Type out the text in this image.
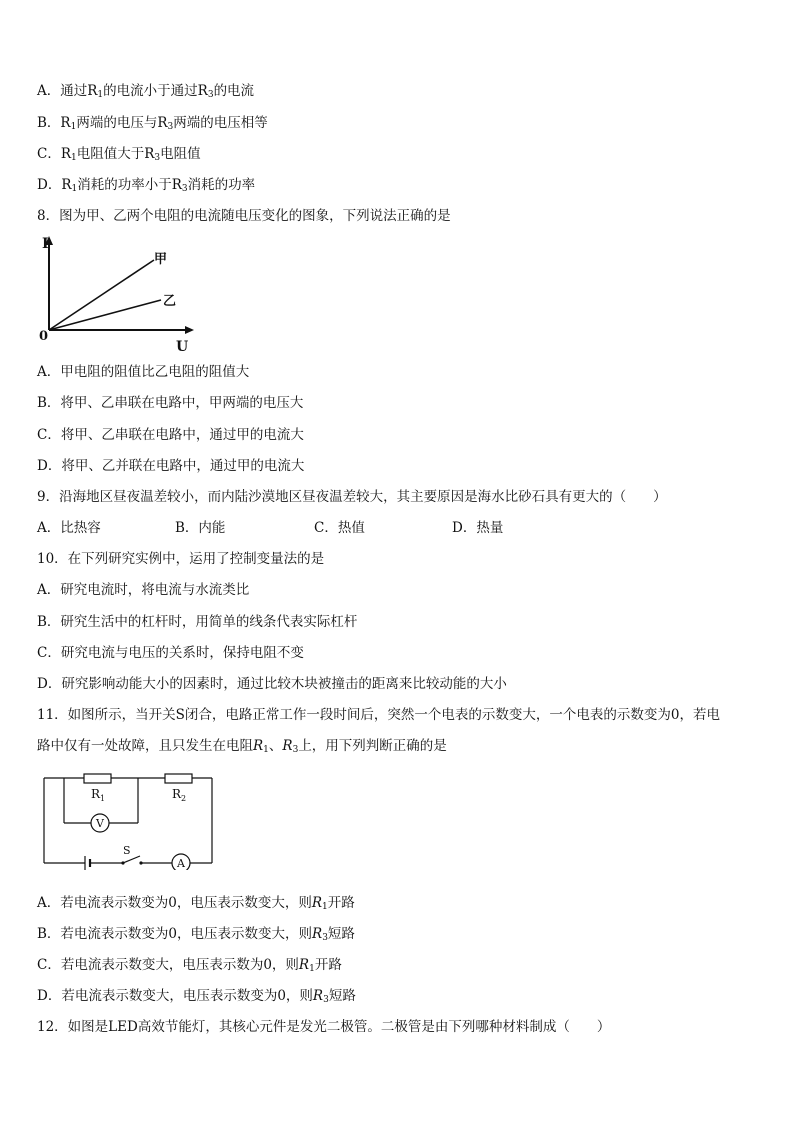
A．通过$R_1$的电流小于通过$R_3$的电流
B．$R_1$两端的电压与$R_3$两端的电压相等
C．$R_1$电阻值大于$R_3$电阻值
D．$R_1$消耗的功率小于$R_3$消耗的功率
8．图为甲、乙两个电阻的电流随电压变化的图象，下列说法正确的是
I
U
0
甲
乙
A．甲电阻的阻值比乙电阻的阻值大
B．将甲、乙串联在电路中，甲两端的电压大
C．将甲、乙串联在电路中，通过甲的电流大
D．将甲、乙并联在电路中，通过甲的电流大
9．沿海地区昼夜温差较小，而内陆沙漠地区昼夜温差较大，其主要原因是海水比砂石具有更大的（　　）
A．比热容	B．内能	C．热值	D．热量
10．在下列研究实例中，运用了控制变量法的是
A．研究电流时，将电流与水流类比
B．研究生活中的杠杆时，用简单的线条代表实际杠杆
C．研究电流与电压的关系时，保持电阻不变
D．研究影响动能大小的因素时，通过比较木块被撞击的距离来比较动能的大小
11．如图所示，当开关S闭合，电路正常工作一段时间后，突然一个电表的示数变大，一个电表的示数变为0，若电
路中仅有一处故障，且只发生在电阻$R_1$、$R_3$上，用下列判断正确的是
$R_1$	$R_2$
V
A
S
A．若电流表示数变为0，电压表示数变大，则$R_1$开路
B．若电流表示数变为0，电压表示数变大，则$R_3$短路
C．若电流表示数变大，电压表示数为0，则$R_1$开路
D．若电流表示数变大，电压表示数变为0，则$R_3$短路
12．如图是LED高效节能灯，其核心元件是发光二极管。二极管是由下列哪种材料制成（　　）
